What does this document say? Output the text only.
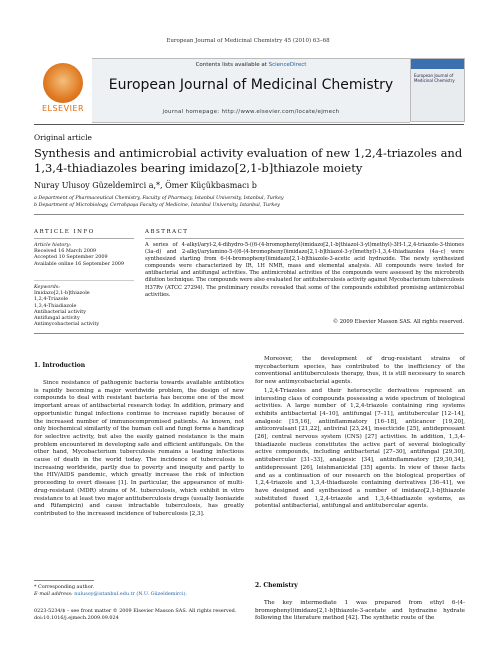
European Journal of Medicinal Chemistry 45 (2010) 63–68
ELSEVIER
Contents lists available at ScienceDirect
European Journal of Medicinal Chemistry
journal homepage: http://www.elsevier.com/locate/ejmech
European Journal of Medicinal Chemistry
Original article
Synthesis and antimicrobial activity evaluation of new 1,2,4-triazoles and 1,3,4-thiadiazoles bearing imidazo[2,1-b]thiazole moiety
Nuray Ulusoy Güzeldemirci a,*, Ömer Küçükbasmacı b
a Department of Pharmaceutical Chemistry, Faculty of Pharmacy, Istanbul University, Istanbul, Turkey
b Department of Microbiology, Cerrahpaşa Faculty of Medicine, Istanbul University, Istanbul, Turkey
ARTICLE INFO	ABSTRACT
Article history:
Received 16 March 2009
Accepted 10 September 2009
Available online 16 September 2009
Keywords:
Imidazo[2,1-b]thiazole
1,2,4-Triazole
1,3,4-Thiadiazole
Antibacterial activity
Antifungal activity
Antimycobacterial activity
A series of 4-alkyl/aryl-2,4-dihydro-5-((6-(4-bromophenyl)imidazo[2,1-b]thiazol-3-yl)methyl)-3H-1,2,4-triazole-3-thiones (3a–d) and 2-alkyl/arylamino-5-((6-(4-bromophenyl)imidazo[2,1-b]thiazol-3-yl)methyl)-1,3,4-thiadiazoles (4a–c) were synthesized starting from 6-(4-bromophenyl)imidazo[2,1-b]thiazole-3-acetic acid hydrazide. The newly synthesized compounds were characterized by IR, 1H NMR, mass and elemental analysis. All compounds were tested for antibacterial and antifungal activities. The antimicrobial activities of the compounds were assessed by the microbroth dilution technique. The compounds were also evaluated for antituberculosis activity against Mycobacterium tuberculosis H37Rv (ATCC 27294). The preliminary results revealed that some of the compounds exhibited promising antimicrobial activities.
© 2009 Elsevier Masson SAS. All rights reserved.
1. Introduction

Since resistance of pathogenic bacteria towards available antibiotics is rapidly becoming a major worldwide problem, the design of new compounds to deal with resistant bacteria has become one of the most important areas of antibacterial research today. In addition, primary and opportunistic fungal infections continue to increase rapidly because of the increased number of immunocompromised patients. As known, not only biochemical similarity of the human cell and fungi forms a handicap for selective activity, but also the easily gained resistance is the main problem encountered in developing safe and efficient antifungals. On the other hand, Mycobacterium tuberculosis remains a leading infectious cause of death in the world today. The incidence of tuberculosis is increasing worldwide, partly due to poverty and inequity and partly to the HIV/AIDS pandemic, which greatly increase the risk of infection proceeding to overt disease [1]. In particular, the appearance of multi-drug-resistant (MDR) strains of M. tuberculosis, which exhibit in vitro resistance to at least two major antituberculosis drugs (usually Isoniazide and Rifampicin) and cause intractable tuberculosis, has greatly contributed to the increased incidence of tuberculosis [2,3].

Moreover, the development of drug-resistant strains of mycobacterium species, has contributed to the inefficiency of the conventional antituberculosis therapy, thus, it is still necessary to search for new antimycobacterial agents.

1,2,4-Triazoles and their heterocyclic derivatives represent an interesting class of compounds possessing a wide spectrum of biological activities. A large number of 1,2,4-triazole containing ring systems exhibits antibacterial [4–10], antifungal [7–11], antitubercular [12–14], analgesic [15,16], antiinflammatory [16–18], anticancer [19,20], anticonvulsant [21,22], antiviral [23,24], insecticide [25], antidepressant [26], central nervous system (CNS) [27] activities. In addition, 1,3,4-thiadiazole nucleus constitutes the active part of several biologically active compounds, including antibacterial [27–30], antifungal [29,30], antitubercular [31–33], analgesic [34], antiinflammatory [29,30,34], antidepressant [26], leishmanicidal [35] agents. In view of these facts and as a continuation of our research on the biological properties of 1,2,4-triazole and 1,3,4-thiadiazole containing derivatives [36–41], we have designed and synthesized a number of imidazo[2,1-b]thiazole substituted fused 1,2,4-triazole and 1,3,4-thiadiazole systems, as potential antibacterial, antifungal and antitubercular agents.

2. Chemistry

The key intermediate 1 was prepared from ethyl 6-(4-bromophenyl)imidazo[2,1-b]thiazole-3-acetate and hydrazine hydrate following the literature method [42]. The synthetic route of the

* Corresponding author.
E-mail address: nulusoy@istanbul.edu.tr (N.U. Güzeldemirci).
0223-5234/$ – see front matter © 2009 Elsevier Masson SAS. All rights reserved.
doi:10.1016/j.ejmech.2009.09.024
